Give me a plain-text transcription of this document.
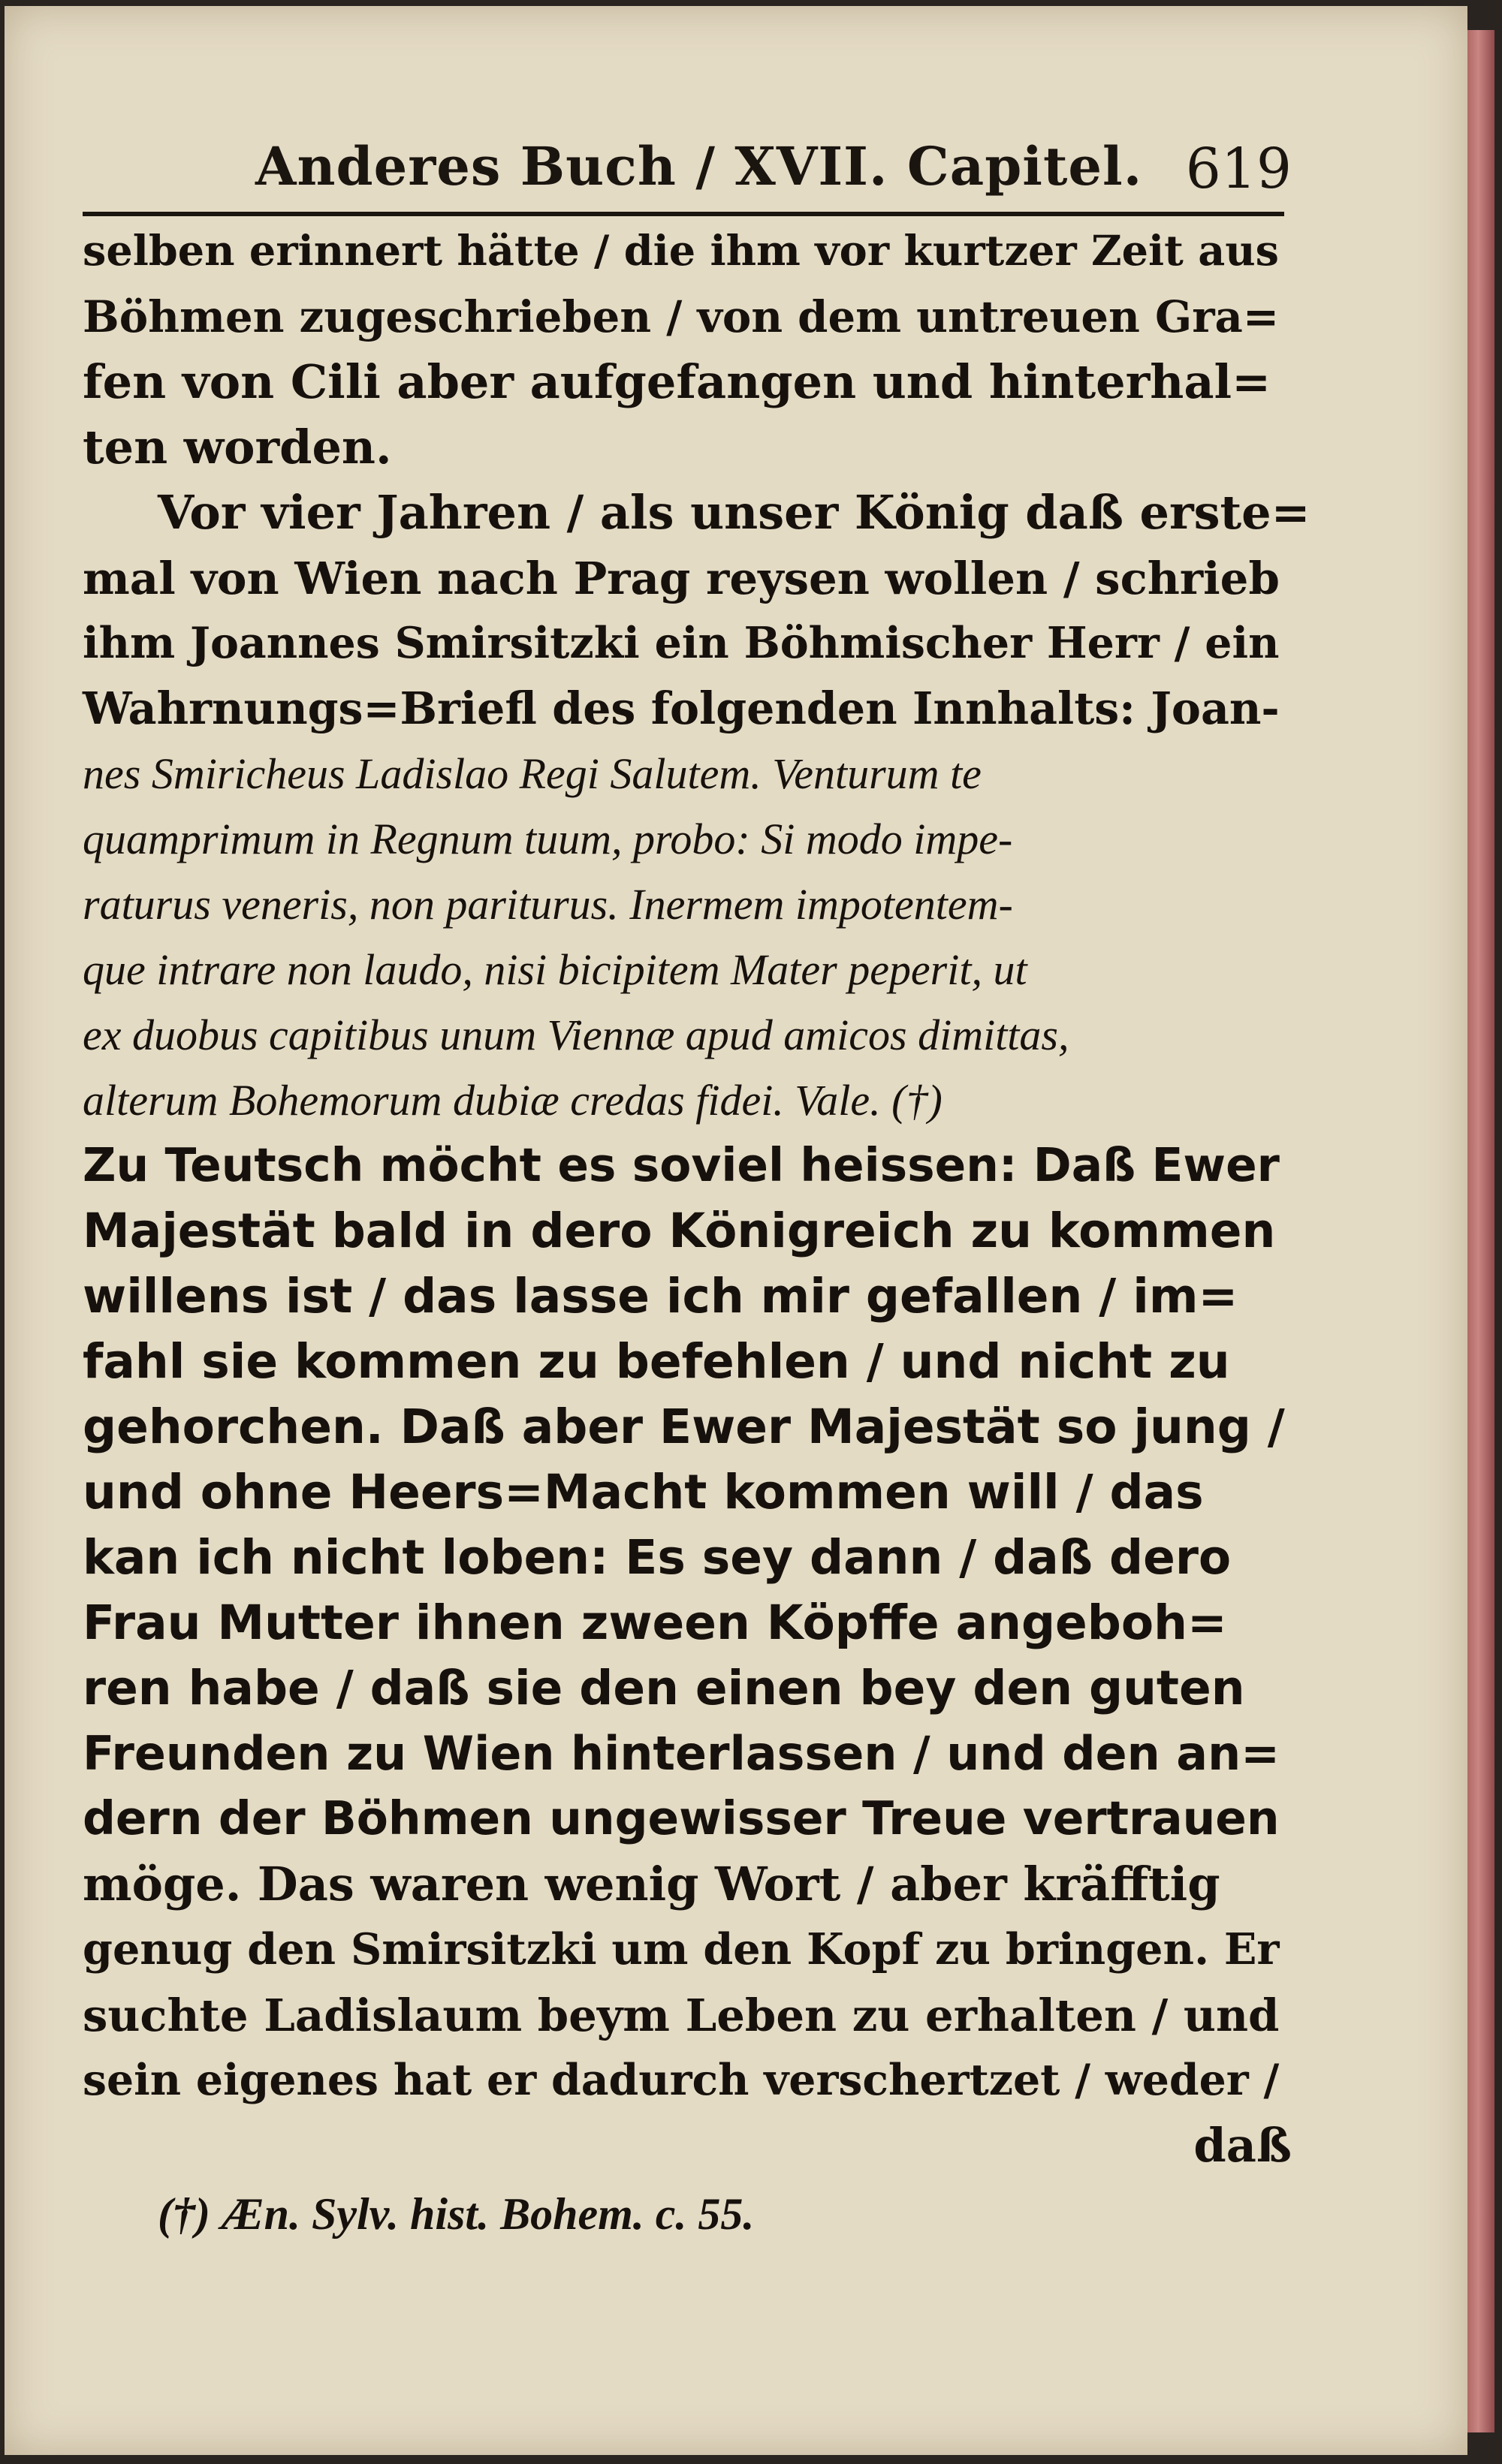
Anderes Buch / XVII. Capitel. 619
selben erinnert hätte / die ihm vor kurtzer Zeit aus
Böhmen zugeschrieben / von dem untreuen Gra=
fen von Cili aber aufgefangen und hinterhal=
ten worden.
Vor vier Jahren / als unser König daß erste=
mal von Wien nach Prag reysen wollen / schrieb
ihm Joannes Smirsitzki ein Böhmischer Herr / ein
Wahrnungs=Briefl des folgenden Innhalts: Joan-
nes Smiricheus Ladislao Regi Salutem. Venturum te
quamprimum in Regnum tuum, probo: Si modo impe-
raturus veneris, non pariturus. Inermem impotentem-
que intrare non laudo, nisi bicipitem Mater peperit, ut
ex duobus capitibus unum Viennæ apud amicos dimittas,
alterum Bohemorum dubiæ credas fidei. Vale. (†)
Zu Teutsch möcht es soviel heissen: Daß Ewer
Majestät bald in dero Königreich zu kommen
willens ist / das lasse ich mir gefallen / im=
fahl sie kommen zu befehlen / und nicht zu
gehorchen. Daß aber Ewer Majestät so jung /
und ohne Heers=Macht kommen will / das
kan ich nicht loben: Es sey dann / daß dero
Frau Mutter ihnen zween Köpffe angeboh=
ren habe / daß sie den einen bey den guten
Freunden zu Wien hinterlassen / und den an=
dern der Böhmen ungewisser Treue vertrauen
möge. Das waren wenig Wort / aber kräfftig
genug den Smirsitzki um den Kopf zu bringen. Er
suchte Ladislaum beym Leben zu erhalten / und
sein eigenes hat er dadurch verschertzet / weder /
daß
(†) Æn. Sylv. hist. Bohem. c. 55.
